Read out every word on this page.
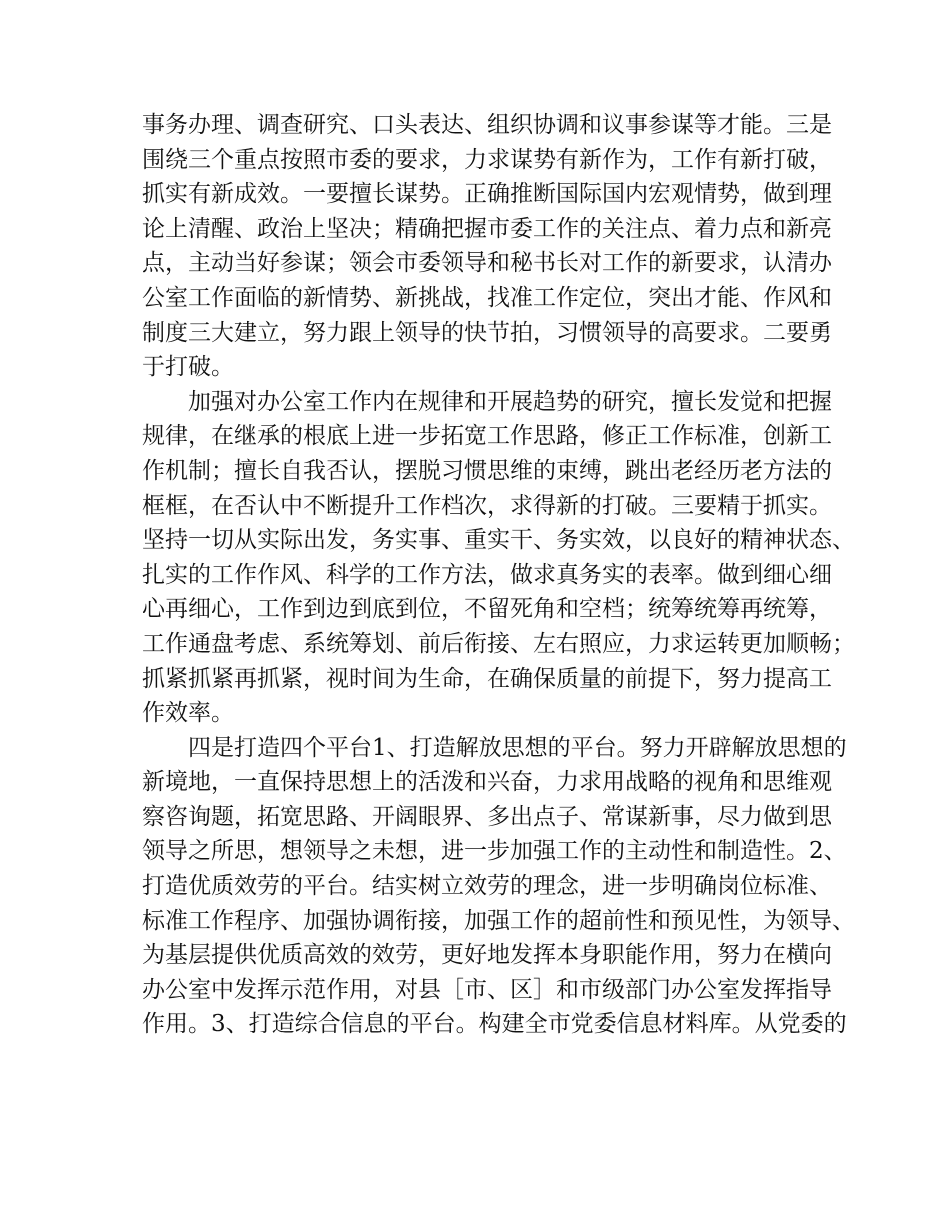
事务办理、调查研究、口头表达、组织协调和议事参谋等才能。三是
围绕三个重点按照市委的要求，力求谋势有新作为，工作有新打破，
抓实有新成效。一要擅长谋势。正确推断国际国内宏观情势，做到理
论上清醒、政治上坚决；精确把握市委工作的关注点、着力点和新亮
点，主动当好参谋；领会市委领导和秘书长对工作的新要求，认清办
公室工作面临的新情势、新挑战，找准工作定位，突出才能、作风和
制度三大建立，努力跟上领导的快节拍，习惯领导的高要求。二要勇
于打破。
加强对办公室工作内在规律和开展趋势的研究，擅长发觉和把握
规律，在继承的根底上进一步拓宽工作思路，修正工作标准，创新工
作机制；擅长自我否认，摆脱习惯思维的束缚，跳出老经历老方法的
框框，在否认中不断提升工作档次，求得新的打破。三要精于抓实。
坚持一切从实际出发，务实事、重实干、务实效，以良好的精神状态、
扎实的工作作风、科学的工作方法，做求真务实的表率。做到细心细
心再细心，工作到边到底到位，不留死角和空档；统筹统筹再统筹，
工作通盘考虑、系统筹划、前后衔接、左右照应，力求运转更加顺畅；
抓紧抓紧再抓紧，视时间为生命，在确保质量的前提下，努力提高工
作效率。
四是打造四个平台1、打造解放思想的平台。努力开辟解放思想的
新境地，一直保持思想上的活泼和兴奋，力求用战略的视角和思维观
察咨询题，拓宽思路、开阔眼界、多出点子、常谋新事，尽力做到思
领导之所思，想领导之未想，进一步加强工作的主动性和制造性。2、
打造优质效劳的平台。结实树立效劳的理念，进一步明确岗位标准、
标准工作程序、加强协调衔接，加强工作的超前性和预见性，为领导、
为基层提供优质高效的效劳，更好地发挥本身职能作用，努力在横向
办公室中发挥示范作用，对县［市、区］和市级部门办公室发挥指导
作用。3、打造综合信息的平台。构建全市党委信息材料库。从党委的
